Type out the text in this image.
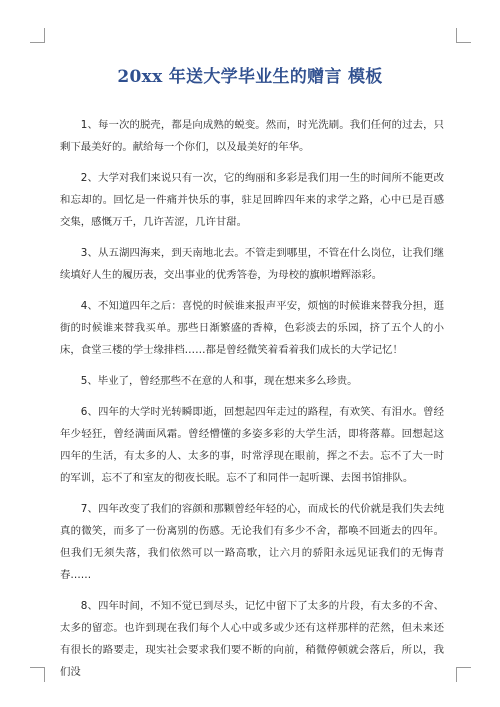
20xx 年送大学毕业生的赠言 模板

1、每一次的脱壳，都是向成熟的蜕变。然而，时光洗刷。我们任何的过去，只剩下最美好的。献给每一个你们，以及最美好的年华。

2、大学对我们来说只有一次，它的绚丽和多彩是我们用一生的时间所不能更改和忘却的。回忆是一件痛并快乐的事，驻足回眸四年来的求学之路，心中已是百感交集，感慨万千，几许苦涩，几许甘甜。

3、从五湖四海来，到天南地北去。不管走到哪里，不管在什么岗位，让我们继续填好人生的履历表，交出事业的优秀答卷，为母校的旗帜增辉添彩。

4、不知道四年之后：喜悦的时候谁来报声平安，烦恼的时候谁来替我分担，逛街的时候谁来替我买单。那些日渐繁盛的香樟，色彩淡去的乐园，挤了五个人的小床，食堂三楼的学士缘排档……都是曾经微笑着看着我们成长的大学记忆！

5、毕业了，曾经那些不在意的人和事，现在想来多么珍贵。

6、四年的大学时光转瞬即逝，回想起四年走过的路程，有欢笑、有泪水。曾经年少轻狂，曾经满面风霜。曾经懵懂的多姿多彩的大学生活，即将落幕。回想起这四年的生活，有太多的人、太多的事，时常浮现在眼前，挥之不去。忘不了大一时的军训，忘不了和室友的彻夜长眠。忘不了和同伴一起听课、去图书馆排队。

7、四年改变了我们的容颜和那颗曾经年轻的心，而成长的代价就是我们失去纯真的微笑，而多了一份离别的伤感。无论我们有多少不舍，都唤不回逝去的四年。但我们无须失落，我们依然可以一路高歌，让六月的骄阳永远见证我们的无悔青春……

8、四年时间，不知不觉已到尽头，记忆中留下了太多的片段，有太多的不舍、太多的留恋。也许到现在我们每个人心中或多或少还有这样那样的茫然，但未来还有很长的路要走，现实社会要求我们要不断的向前，稍微停顿就会落后，所以，我们没
